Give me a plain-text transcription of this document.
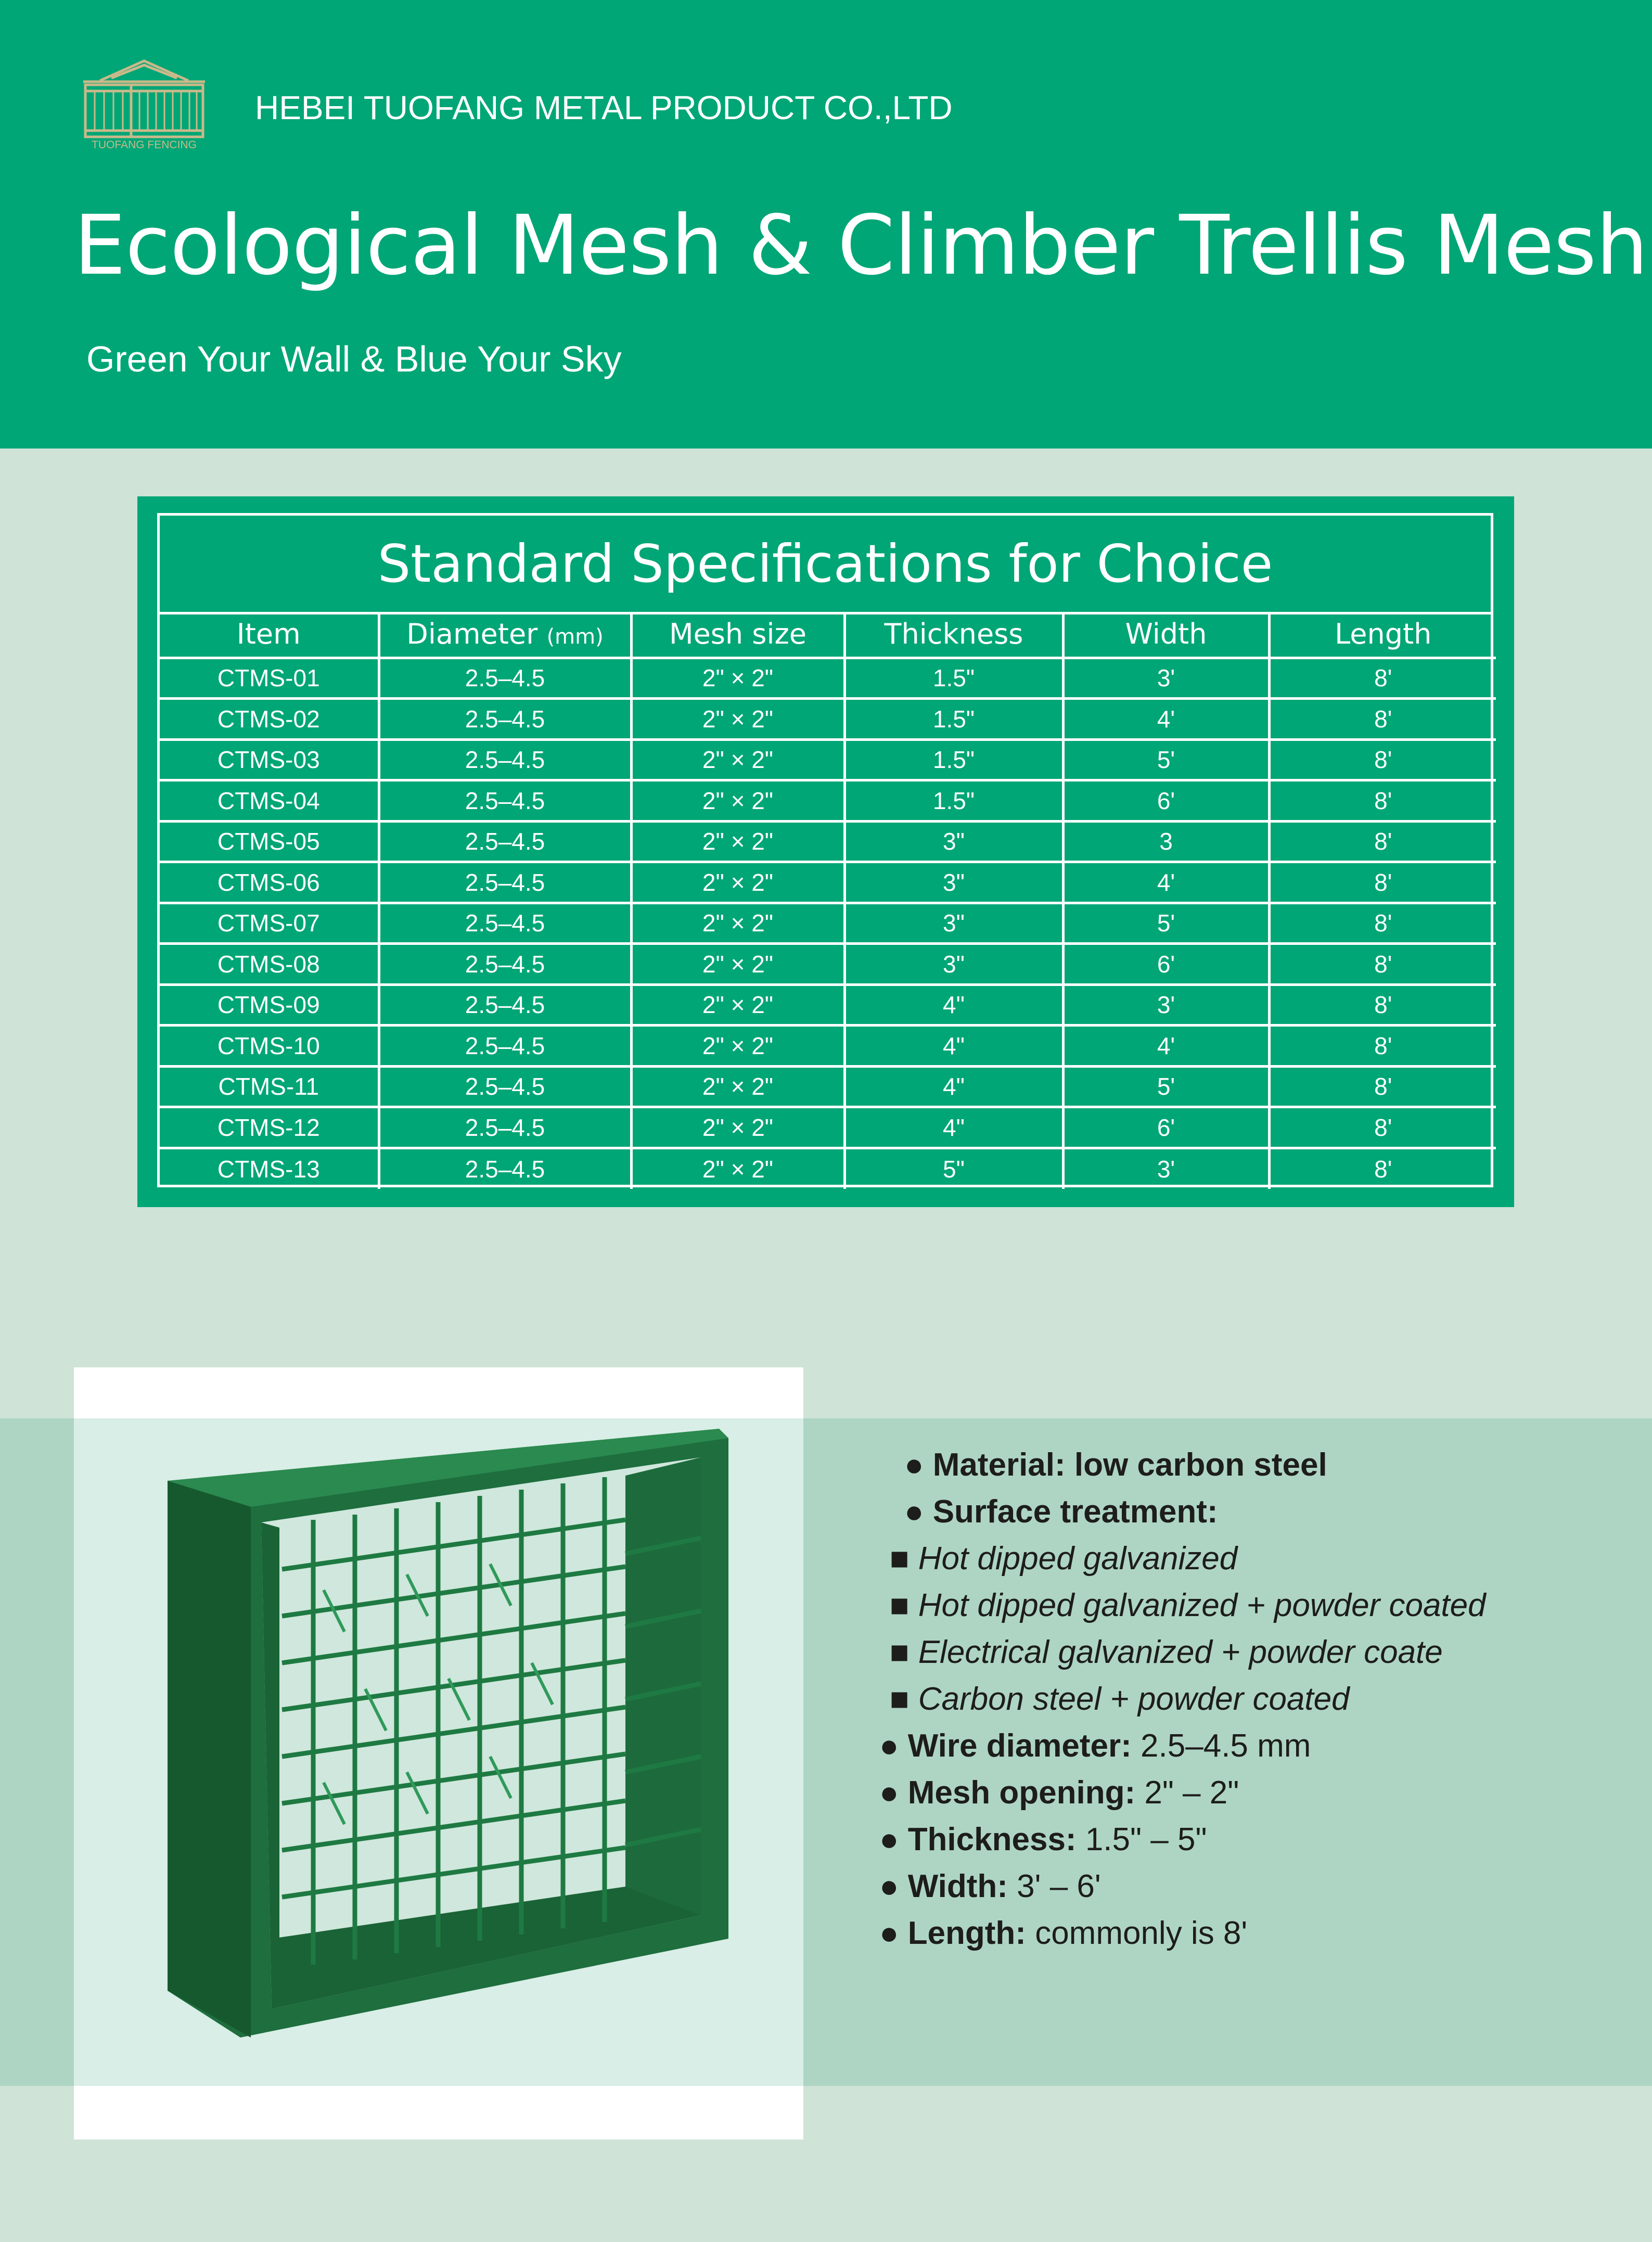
TUOFANG FENCING
HEBEI TUOFANG METAL PRODUCT CO.,LTD
Ecological Mesh & Climber Trellis Mesh
Green Your Wall & Blue Your Sky
Standard Specifications for Choice
Item	Diameter (mm)	Mesh size	Thickness	Width	Length
CTMS-01	2.5–4.5	2" × 2"	1.5"	3'	8'
CTMS-02	2.5–4.5	2" × 2"	1.5"	4'	8'
CTMS-03	2.5–4.5	2" × 2"	1.5"	5'	8'
CTMS-04	2.5–4.5	2" × 2"	1.5"	6'	8'
CTMS-05	2.5–4.5	2" × 2"	3"	3	8'
CTMS-06	2.5–4.5	2" × 2"	3"	4'	8'
CTMS-07	2.5–4.5	2" × 2"	3"	5'	8'
CTMS-08	2.5–4.5	2" × 2"	3"	6'	8'
CTMS-09	2.5–4.5	2" × 2"	4"	3'	8'
CTMS-10	2.5–4.5	2" × 2"	4"	4'	8'
CTMS-11	2.5–4.5	2" × 2"	4"	5'	8'
CTMS-12	2.5–4.5	2" × 2"	4"	6'	8'
CTMS-13	2.5–4.5	2" × 2"	5"	3'	8'
● Material: low carbon steel
● Surface treatment:
■ Hot dipped galvanized
■ Hot dipped galvanized + powder coated
■ Electrical galvanized + powder coate
■ Carbon steel + powder coated
● Wire diameter: 2.5–4.5 mm
● Mesh opening: 2" – 2"
● Thickness: 1.5" – 5"
● Width: 3' – 6'
● Length: commonly is 8'
